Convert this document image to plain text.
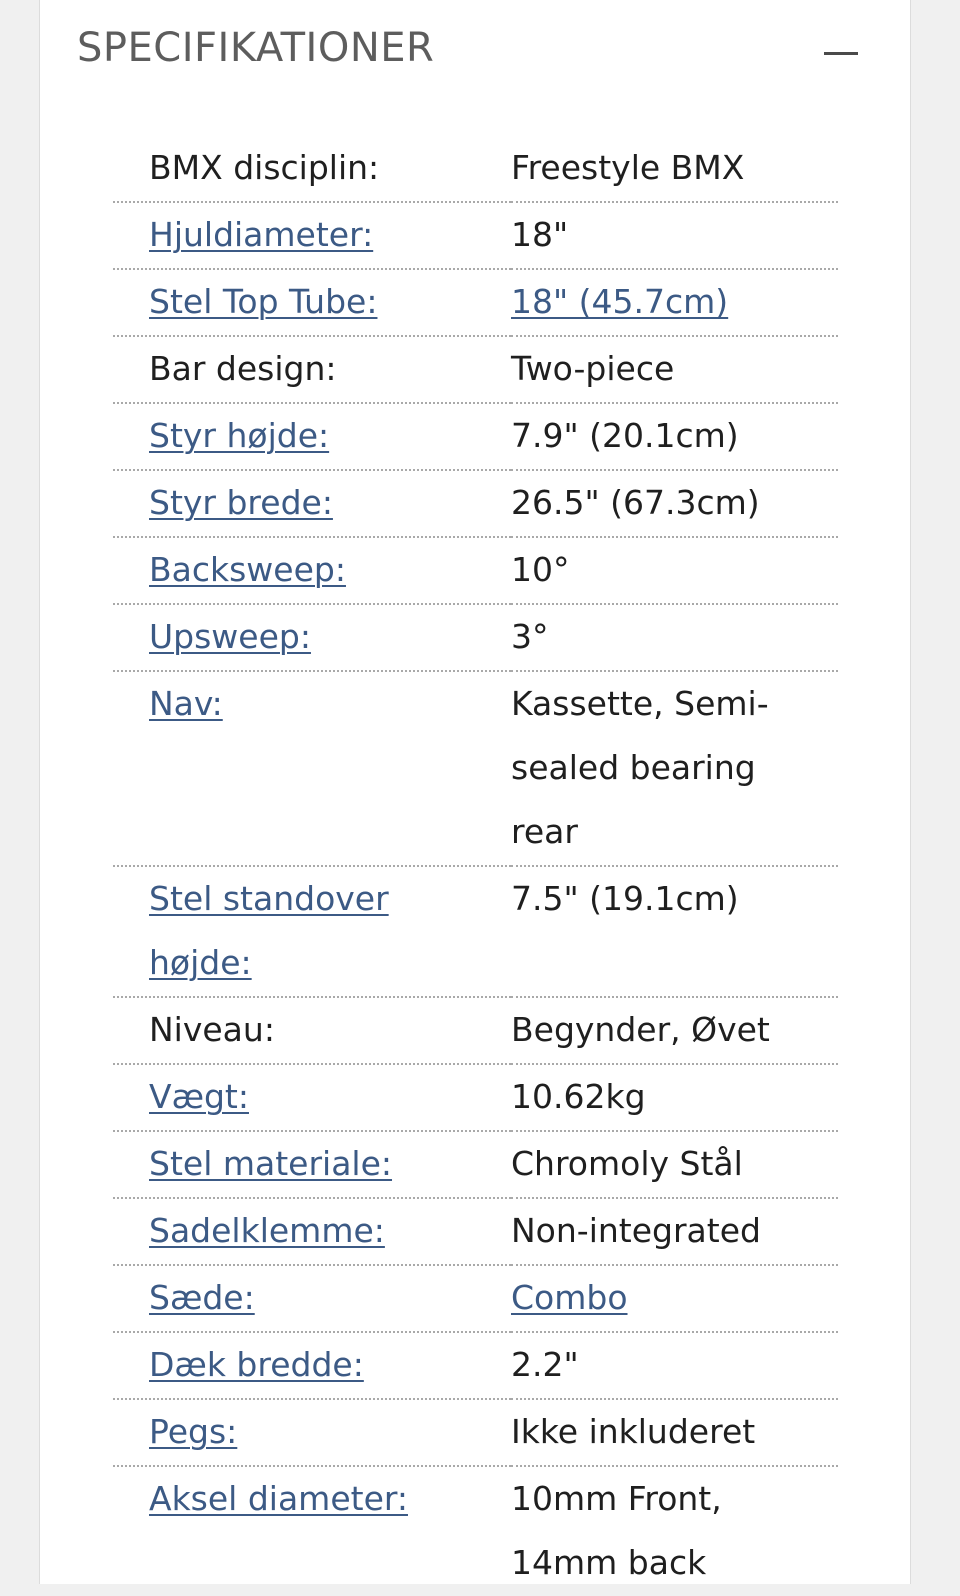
SPECIFIKATIONER
BMX disciplin:	Freestyle BMX
Hjuldiameter:	18"
Stel Top Tube:	18" (45.7cm)
Bar design:	Two-piece
Styr højde:	7.9" (20.1cm)
Styr brede:	26.5" (67.3cm)
Backsweep:	10°
Upsweep:	3°
Nav:	Kassette, Semi-sealed bearing rear

Stel standover højde:	7.5" (19.1cm)
Niveau:	Begynder, Øvet
Vægt:	10.62kg
Stel materiale:	Chromoly Stål
Sadelklemme:	Non-integrated
Sæde:	Combo
Dæk bredde:	2.2"
Pegs:	Ikke inkluderet
Aksel diameter:	10mm Front, 14mm back
